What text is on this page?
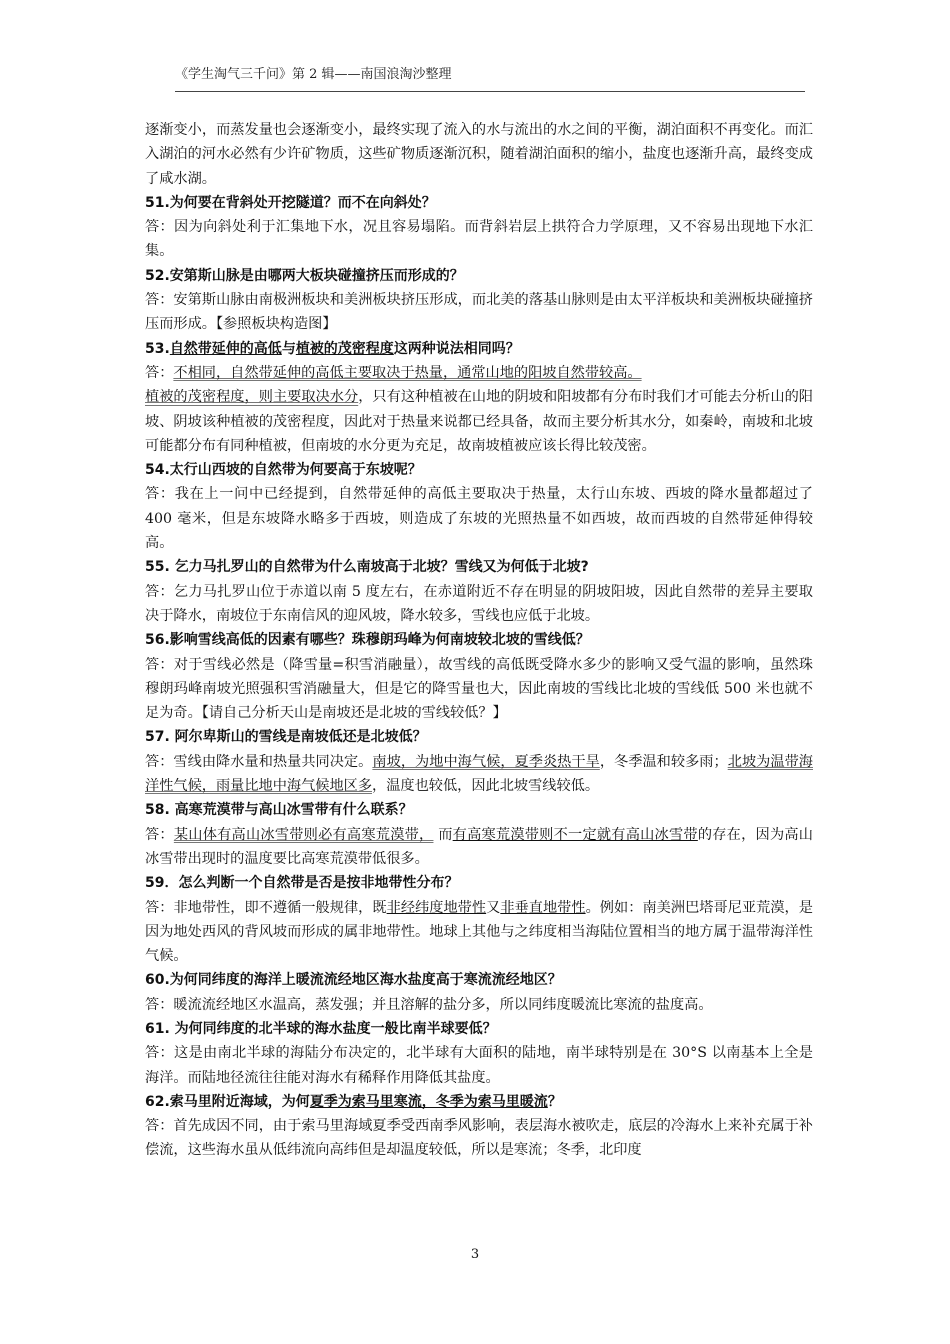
《学生淘气三千问》第 2 辑——南国浪淘沙整理

逐渐变小，而蒸发量也会逐渐变小，最终实现了流入的水与流出的水之间的平衡，湖泊面积不再变化。而汇入湖泊的河水必然有少许矿物质，这些矿物质逐渐沉积，随着湖泊面积的缩小，盐度也逐渐升高，最终变成了咸水湖。

51.为何要在背斜处开挖隧道？而不在向斜处？

答：因为向斜处利于汇集地下水，况且容易塌陷。而背斜岩层上拱符合力学原理，又不容易出现地下水汇集。

52.安第斯山脉是由哪两大板块碰撞挤压而形成的？

答：安第斯山脉由南极洲板块和美洲板块挤压形成，而北美的落基山脉则是由太平洋板块和美洲板块碰撞挤压而形成。【参照板块构造图】

53.自然带延伸的高低与植被的茂密程度这两种说法相同吗？

答：不相同，自然带延伸的高低主要取决于热量，通常山地的阳坡自然带较高。
植被的茂密程度，则主要取决水分，只有这种植被在山地的阴坡和阳坡都有分布时我们才可能去分析山的阳坡、阴坡该种植被的茂密程度，因此对于热量来说都已经具备，故而主要分析其水分，如秦岭，南坡和北坡可能都分布有同种植被，但南坡的水分更为充足，故南坡植被应该长得比较茂密。

54.太行山西坡的自然带为何要高于东坡呢？

答：我在上一问中已经提到，自然带延伸的高低主要取决于热量，太行山东坡、西坡的降水量都超过了 400 毫米，但是东坡降水略多于西坡，则造成了东坡的光照热量不如西坡，故而西坡的自然带延伸得较高。

55. 乞力马扎罗山的自然带为什么南坡高于北坡？雪线又为何低于北坡?

答：乞力马扎罗山位于赤道以南 5 度左右，在赤道附近不存在明显的阴坡阳坡，因此自然带的差异主要取决于降水，南坡位于东南信风的迎风坡，降水较多，雪线也应低于北坡。

56.影响雪线高低的因素有哪些？珠穆朗玛峰为何南坡较北坡的雪线低？

答：对于雪线必然是（降雪量=积雪消融量），故雪线的高低既受降水多少的影响又受气温的影响，虽然珠穆朗玛峰南坡光照强积雪消融量大，但是它的降雪量也大，因此南坡的雪线比北坡的雪线低 500 米也就不足为奇。【请自己分析天山是南坡还是北坡的雪线较低？】

57. 阿尔卑斯山的雪线是南坡低还是北坡低？

答：雪线由降水量和热量共同决定。南坡，为地中海气候，夏季炎热干旱，冬季温和较多雨；北坡为温带海洋性气候，雨量比地中海气候地区多，温度也较低，因此北坡雪线较低。

58. 高寒荒漠带与高山冰雪带有什么联系？

答：某山体有高山冰雪带则必有高寒荒漠带， 而有高寒荒漠带则不一定就有高山冰雪带的存在，因为高山冰雪带出现时的温度要比高寒荒漠带低很多。

59．怎么判断一个自然带是否是按非地带性分布？

答：非地带性，即不遵循一般规律，既非经纬度地带性又非垂直地带性。例如：南美洲巴塔哥尼亚荒漠，是因为地处西风的背风坡而形成的属非地带性。地球上其他与之纬度相当海陆位置相当的地方属于温带海洋性气候。

60.为何同纬度的海洋上暖流流经地区海水盐度高于寒流流经地区？

答：暖流流经地区水温高，蒸发强；并且溶解的盐分多，所以同纬度暖流比寒流的盐度高。

61. 为何同纬度的北半球的海水盐度一般比南半球要低？

答：这是由南北半球的海陆分布决定的，北半球有大面积的陆地，南半球特别是在 30°S 以南基本上全是海洋。而陆地径流往往能对海水有稀释作用降低其盐度。

62.索马里附近海域，为何夏季为索马里寒流，冬季为索马里暖流？

答：首先成因不同，由于索马里海域夏季受西南季风影响，表层海水被吹走，底层的冷海水上来补充属于补偿流，这些海水虽从低纬流向高纬但是却温度较低，所以是寒流；冬季，北印度

3
